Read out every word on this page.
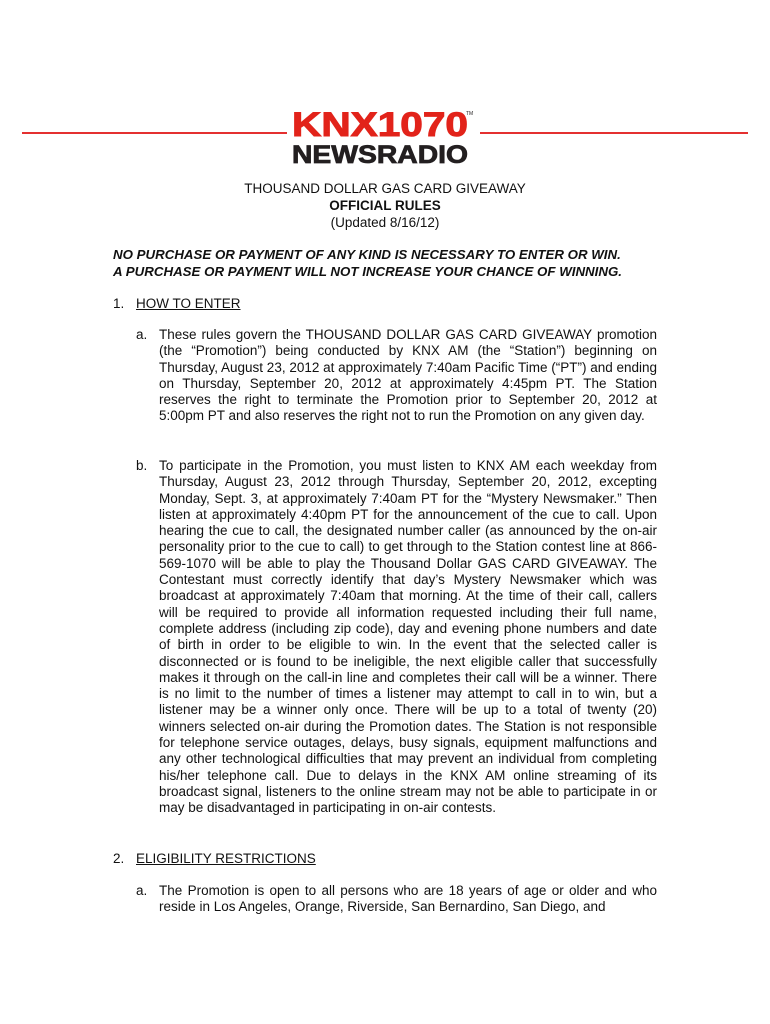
KNX1070
TM
NEWSRADIO
THOUSAND DOLLAR GAS CARD GIVEAWAY
OFFICIAL RULES
(Updated 8/16/12)
NO PURCHASE OR PAYMENT OF ANY KIND IS NECESSARY TO ENTER OR WIN.
A PURCHASE OR PAYMENT WILL NOT INCREASE YOUR CHANCE OF WINNING.
1. HOW TO ENTER
a. These rules govern the THOUSAND DOLLAR GAS CARD GIVEAWAY promotion (the “Promotion”) being conducted by KNX AM (the “Station”) beginning on Thursday, August 23, 2012 at approximately 7:40am Pacific Time (“PT”) and ending on Thursday, September 20, 2012 at approximately 4:45pm PT. The Station reserves the right to terminate the Promotion prior to September 20, 2012 at 5:00pm PT and also reserves the right not to run the Promotion on any given day.
b. To participate in the Promotion, you must listen to KNX AM each weekday from Thursday, August 23, 2012 through Thursday, September 20, 2012, excepting Monday, Sept. 3, at approximately 7:40am PT for the “Mystery Newsmaker.” Then listen at approximately 4:40pm PT for the announcement of the cue to call. Upon hearing the cue to call, the designated number caller (as announced by the on-air personality prior to the cue to call) to get through to the Station contest line at 866-569-1070 will be able to play the Thousand Dollar GAS CARD GIVEAWAY. The Contestant must correctly identify that day’s Mystery Newsmaker which was broadcast at approximately 7:40am that morning. At the time of their call, callers will be required to provide all information requested including their full name, complete address (including zip code), day and evening phone numbers and date of birth in order to be eligible to win. In the event that the selected caller is disconnected or is found to be ineligible, the next eligible caller that successfully makes it through on the call-in line and completes their call will be a winner. There is no limit to the number of times a listener may attempt to call in to win, but a listener may be a winner only once. There will be up to a total of twenty (20) winners selected on-air during the Promotion dates. The Station is not responsible for telephone service outages, delays, busy signals, equipment malfunctions and any other technological difficulties that may prevent an individual from completing his/her telephone call. Due to delays in the KNX AM online streaming of its broadcast signal, listeners to the online stream may not be able to participate in or may be disadvantaged in participating in on-air contests.
2. ELIGIBILITY RESTRICTIONS
a. The Promotion is open to all persons who are 18 years of age or older and who reside in Los Angeles, Orange, Riverside, San Bernardino, San Diego, and
